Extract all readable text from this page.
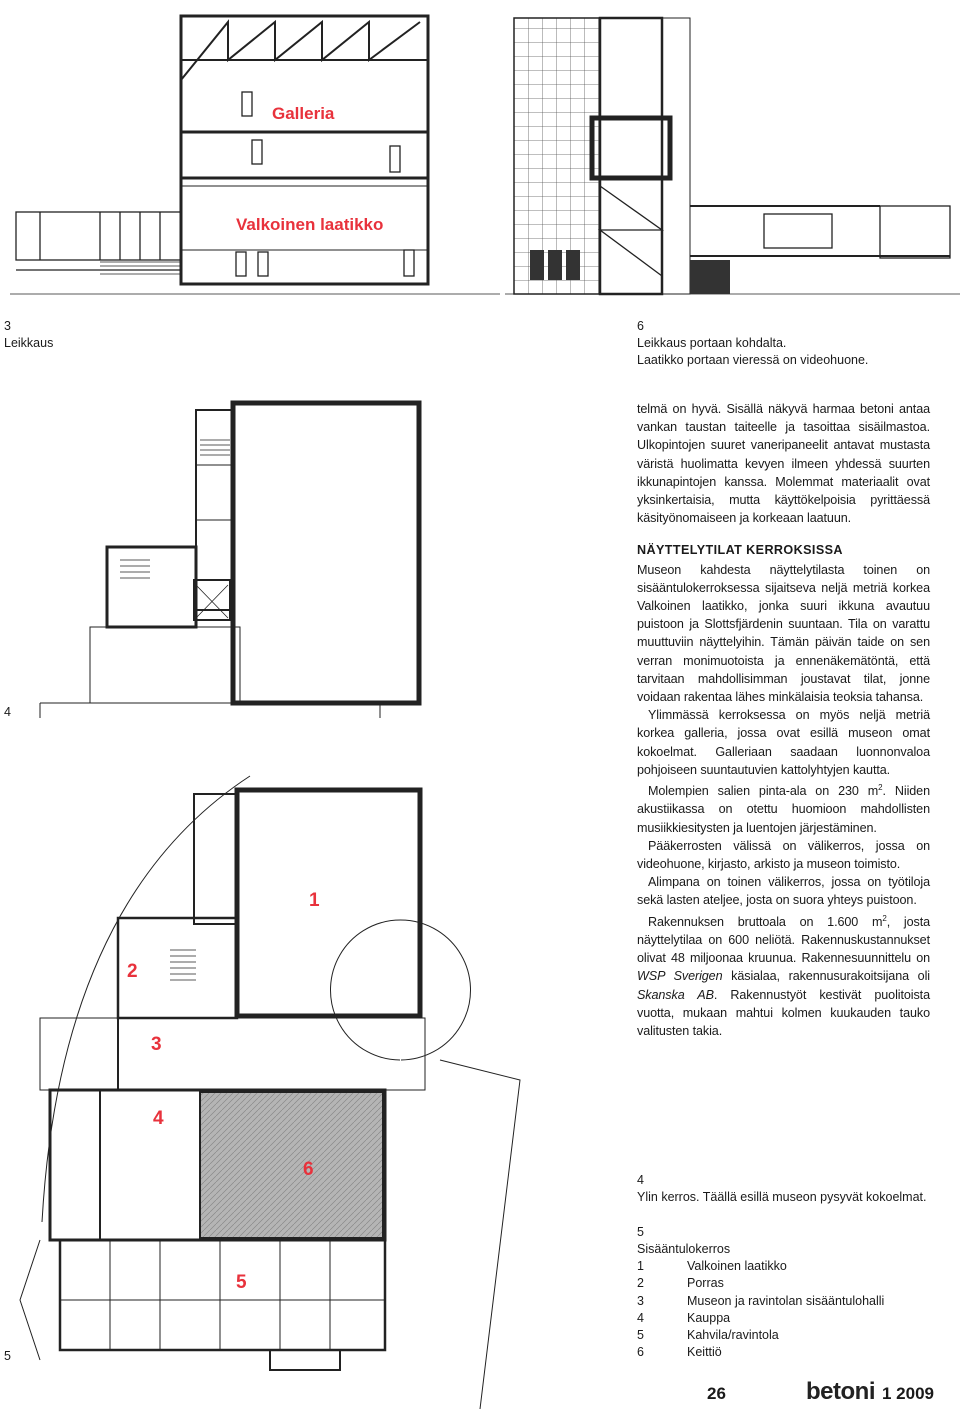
Galleria
Valkoinen laatikko
3
Leikkaus
6
Leikkaus portaan kohdalta.
Laatikko portaan vieressä on videohuone.
4
1
2
3
4
5
6
5

telmä on hyvä. Sisällä näkyvä harmaa betoni antaa vankan taustan taiteelle ja tasoittaa sisäilmastoa. Ulkopintojen suuret vaneripaneelit antavat mustasta väristä huolimatta kevyen ilmeen yhdessä suurten ikkunapintojen kanssa. Molemmat materiaalit ovat yksinkertaisia, mutta käyttökelpoisia pyrittäessä käsityönomaiseen ja korkeaan laatuun.

NÄYTTELYTILAT KERROKSISSA

Museon kahdesta näyttelytilasta toinen on sisääntulokerroksessa sijaitseva neljä metriä korkea Valkoinen laatikko, jonka suuri ikkuna avautuu puistoon ja Slottsfjärdenin suuntaan. Tila on varattu muuttuviin näyttelyihin. Tämän päivän taide on sen verran monimuotoista ja ennenäkemätöntä, että tarvitaan mahdollisimman joustavat tilat, jonne voidaan rakentaa lähes minkälaisia teoksia tahansa.

Ylimmässä kerroksessa on myös neljä metriä korkea galleria, jossa ovat esillä museon omat kokoelmat. Galleriaan saadaan luonnonvaloa pohjoiseen suuntautuvien kattolyhtyjen kautta.

Molempien salien pinta-ala on 230 $m^2$. Niiden akustiikassa on otettu huomioon mahdollisten musiikkiesitysten ja luentojen järjestäminen.

Pääkerrosten välissä on välikerros, jossa on videohuone, kirjasto, arkisto ja museon toimisto.

Alimpana on toinen välikerros, jossa on työtiloja sekä lasten ateljee, josta on suora yhteys puistoon.

Rakennuksen bruttoala on 1.600 $m^2$, josta näyttelytilaa on 600 neliötä. Rakennuskustannukset olivat 48 miljoonaa kruunua. Rakennesuunnittelu on WSP Sverigen käsialaa, rakennusurakoitsijana oli Skanska AB. Rakennustyöt kestivät puolitoista vuotta, mukaan mahtui kolmen kuukauden tauko valitusten takia.

4
Ylin kerros. Täällä esillä museon pysyvät kokoelmat.
5
Sisääntulokerros
1	Valkoinen laatikko
2	Porras
3	Museon ja ravintolan sisääntulohalli
4	Kauppa
5	Kahvila/ravintola
6	Keittiö
26	betoni 1 2009
